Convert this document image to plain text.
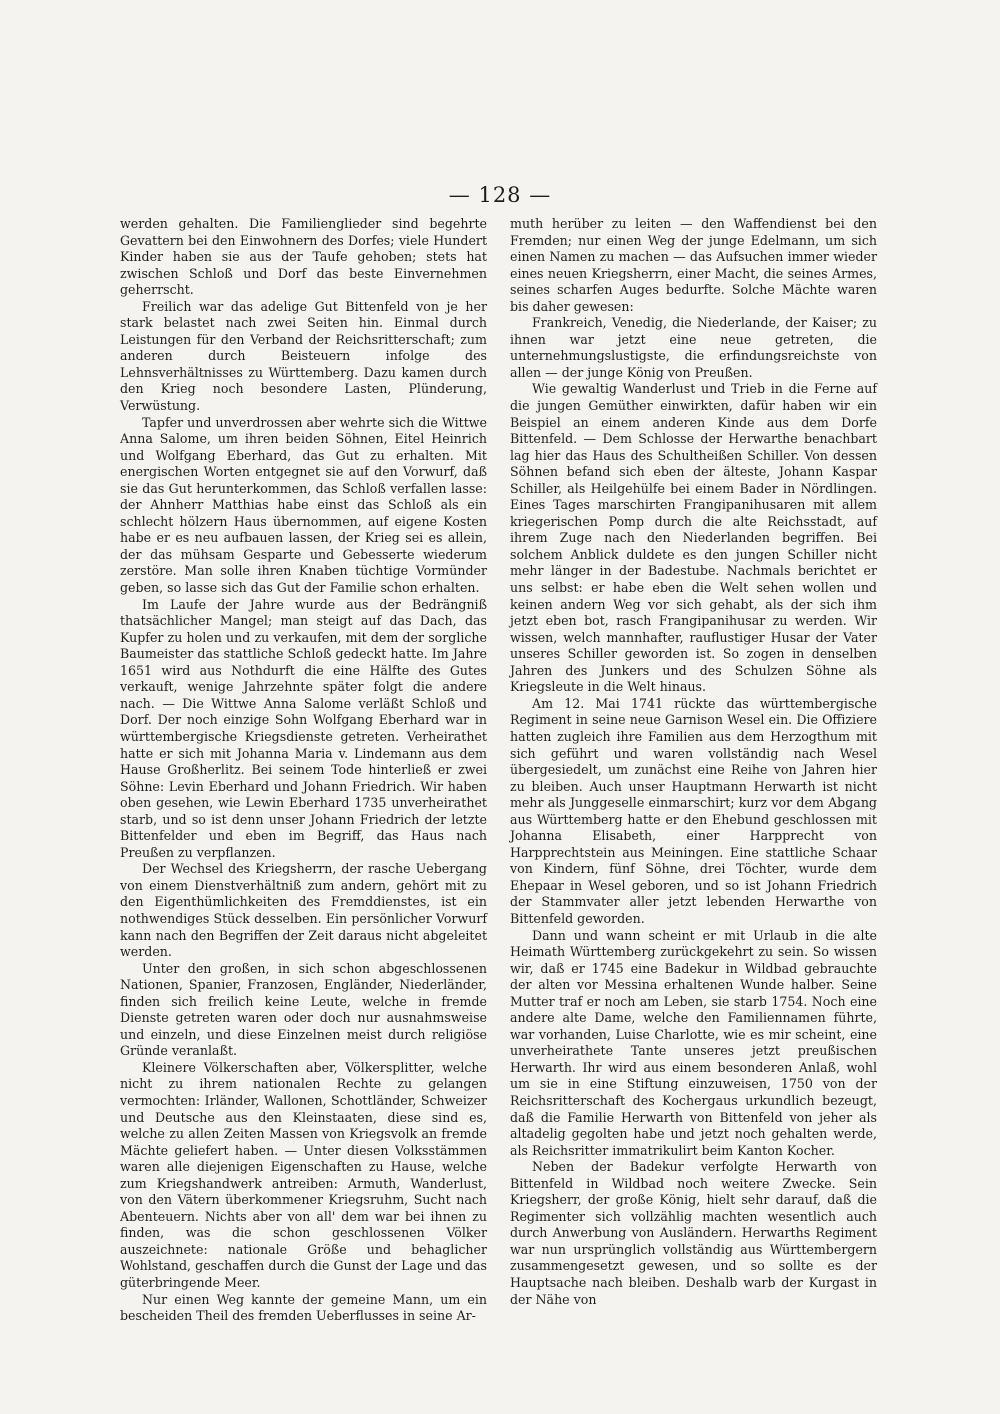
— 128 —

werden gehalten. Die Familienglieder sind begehrte Gevattern bei den Einwohnern des Dorfes; viele Hundert Kinder haben sie aus der Taufe gehoben; stets hat zwischen Schloß und Dorf das beste Einvernehmen geherrscht.

Freilich war das adelige Gut Bittenfeld von je her stark belastet nach zwei Seiten hin. Einmal durch Leistungen für den Verband der Reichsritterschaft; zum anderen durch Beisteuern infolge des Lehnsverhältnisses zu Württemberg. Dazu kamen durch den Krieg noch besondere Lasten, Plünderung, Verwüstung.

Tapfer und unverdrossen aber wehrte sich die Wittwe Anna Salome, um ihren beiden Söhnen, Eitel Heinrich und Wolfgang Eberhard, das Gut zu erhalten. Mit energischen Worten entgegnet sie auf den Vorwurf, daß sie das Gut herunterkommen, das Schloß verfallen lasse: der Ahnherr Matthias habe einst das Schloß als ein schlecht hölzern Haus übernommen, auf eigene Kosten habe er es neu aufbauen lassen, der Krieg sei es allein, der das mühsam Gesparte und Gebesserte wiederum zerstöre. Man solle ihren Knaben tüchtige Vormünder geben, so lasse sich das Gut der Familie schon erhalten.

Im Laufe der Jahre wurde aus der Bedrängniß thatsächlicher Mangel; man steigt auf das Dach, das Kupfer zu holen und zu verkaufen, mit dem der sorgliche Baumeister das stattliche Schloß gedeckt hatte. Im Jahre 1651 wird aus Nothdurft die eine Hälfte des Gutes verkauft, wenige Jahrzehnte später folgt die andere nach. — Die Wittwe Anna Salome verläßt Schloß und Dorf. Der noch einzige Sohn Wolfgang Eberhard war in württembergische Kriegsdienste getreten. Verheirathet hatte er sich mit Johanna Maria v. Lindemann aus dem Hause Großherlitz. Bei seinem Tode hinterließ er zwei Söhne: Levin Eberhard und Johann Friedrich. Wir haben oben gesehen, wie Lewin Eberhard 1735 unverheirathet starb, und so ist denn unser Johann Friedrich der letzte Bittenfelder und eben im Begriff, das Haus nach Preußen zu verpflanzen.

Der Wechsel des Kriegsherrn, der rasche Uebergang von einem Dienstverhältniß zum andern, gehört mit zu den Eigenthümlichkeiten des Fremddienstes, ist ein nothwendiges Stück desselben. Ein persönlicher Vorwurf kann nach den Begriffen der Zeit daraus nicht abgeleitet werden.

Unter den großen, in sich schon abgeschlossenen Nationen, Spanier, Franzosen, Engländer, Niederländer, finden sich freilich keine Leute, welche in fremde Dienste getreten waren oder doch nur ausnahmsweise und einzeln, und diese Einzelnen meist durch religiöse Gründe veranlaßt.

Kleinere Völkerschaften aber, Völkersplitter, welche nicht zu ihrem nationalen Rechte zu gelangen vermochten: Irländer, Wallonen, Schottländer, Schweizer und Deutsche aus den Kleinstaaten, diese sind es, welche zu allen Zeiten Massen von Kriegsvolk an fremde Mächte geliefert haben. — Unter diesen Volksstämmen waren alle diejenigen Eigenschaften zu Hause, welche zum Kriegshandwerk antreiben: Armuth, Wanderlust, von den Vätern überkommener Kriegsruhm, Sucht nach Abenteuern. Nichts aber von all' dem war bei ihnen zu finden, was die schon geschlossenen Völker auszeichnete: nationale Größe und behaglicher Wohlstand, geschaffen durch die Gunst der Lage und das güterbringende Meer.

Nur einen Weg kannte der gemeine Mann, um ein bescheiden Theil des fremden Ueberflusses in seine Ar-

muth herüber zu leiten — den Waffendienst bei den Fremden; nur einen Weg der junge Edelmann, um sich einen Namen zu machen — das Aufsuchen immer wieder eines neuen Kriegsherrn, einer Macht, die seines Armes, seines scharfen Auges bedurfte. Solche Mächte waren bis daher gewesen:

Frankreich, Venedig, die Niederlande, der Kaiser; zu ihnen war jetzt eine neue getreten, die unternehmungslustigste, die erfindungsreichste von allen — der junge König von Preußen.

Wie gewaltig Wanderlust und Trieb in die Ferne auf die jungen Gemüther einwirkten, dafür haben wir ein Beispiel an einem anderen Kinde aus dem Dorfe Bittenfeld. — Dem Schlosse der Herwarthe benachbart lag hier das Haus des Schultheißen Schiller. Von dessen Söhnen befand sich eben der älteste, Johann Kaspar Schiller, als Heilgehülfe bei einem Bader in Nördlingen. Eines Tages marschirten Frangipanihusaren mit allem kriegerischen Pomp durch die alte Reichsstadt, auf ihrem Zuge nach den Niederlanden begriffen. Bei solchem Anblick duldete es den jungen Schiller nicht mehr länger in der Badestube. Nachmals berichtet er uns selbst: er habe eben die Welt sehen wollen und keinen andern Weg vor sich gehabt, als der sich ihm jetzt eben bot, rasch Frangipanihusar zu werden. Wir wissen, welch mannhafter, rauflustiger Husar der Vater unseres Schiller geworden ist. So zogen in denselben Jahren des Junkers und des Schulzen Söhne als Kriegsleute in die Welt hinaus.

Am 12. Mai 1741 rückte das württembergische Regiment in seine neue Garnison Wesel ein. Die Offiziere hatten zugleich ihre Familien aus dem Herzogthum mit sich geführt und waren vollständig nach Wesel übergesiedelt, um zunächst eine Reihe von Jahren hier zu bleiben. Auch unser Hauptmann Herwarth ist nicht mehr als Junggeselle einmarschirt; kurz vor dem Abgang aus Württemberg hatte er den Ehebund geschlossen mit Johanna Elisabeth, einer Harpprecht von Harpprechtstein aus Meiningen. Eine stattliche Schaar von Kindern, fünf Söhne, drei Töchter, wurde dem Ehepaar in Wesel geboren, und so ist Johann Friedrich der Stammvater aller jetzt lebenden Herwarthe von Bittenfeld geworden.

Dann und wann scheint er mit Urlaub in die alte Heimath Württemberg zurückgekehrt zu sein. So wissen wir, daß er 1745 eine Badekur in Wildbad gebrauchte der alten vor Messina erhaltenen Wunde halber. Seine Mutter traf er noch am Leben, sie starb 1754. Noch eine andere alte Dame, welche den Familiennamen führte, war vorhanden, Luise Charlotte, wie es mir scheint, eine unverheirathete Tante unseres jetzt preußischen Herwarth. Ihr wird aus einem besonderen Anlaß, wohl um sie in eine Stiftung einzuweisen, 1750 von der Reichsritterschaft des Kochergaus urkundlich bezeugt, daß die Familie Herwarth von Bittenfeld von jeher als altadelig gegolten habe und jetzt noch gehalten werde, als Reichsritter immatrikulirt beim Kanton Kocher.

Neben der Badekur verfolgte Herwarth von Bittenfeld in Wildbad noch weitere Zwecke. Sein Kriegsherr, der große König, hielt sehr darauf, daß die Regimenter sich vollzählig machten wesentlich auch durch Anwerbung von Ausländern. Herwarths Regiment war nun ursprünglich vollständig aus Württembergern zusammengesetzt gewesen, und so sollte es der Hauptsache nach bleiben. Deshalb warb der Kurgast in der Nähe von
